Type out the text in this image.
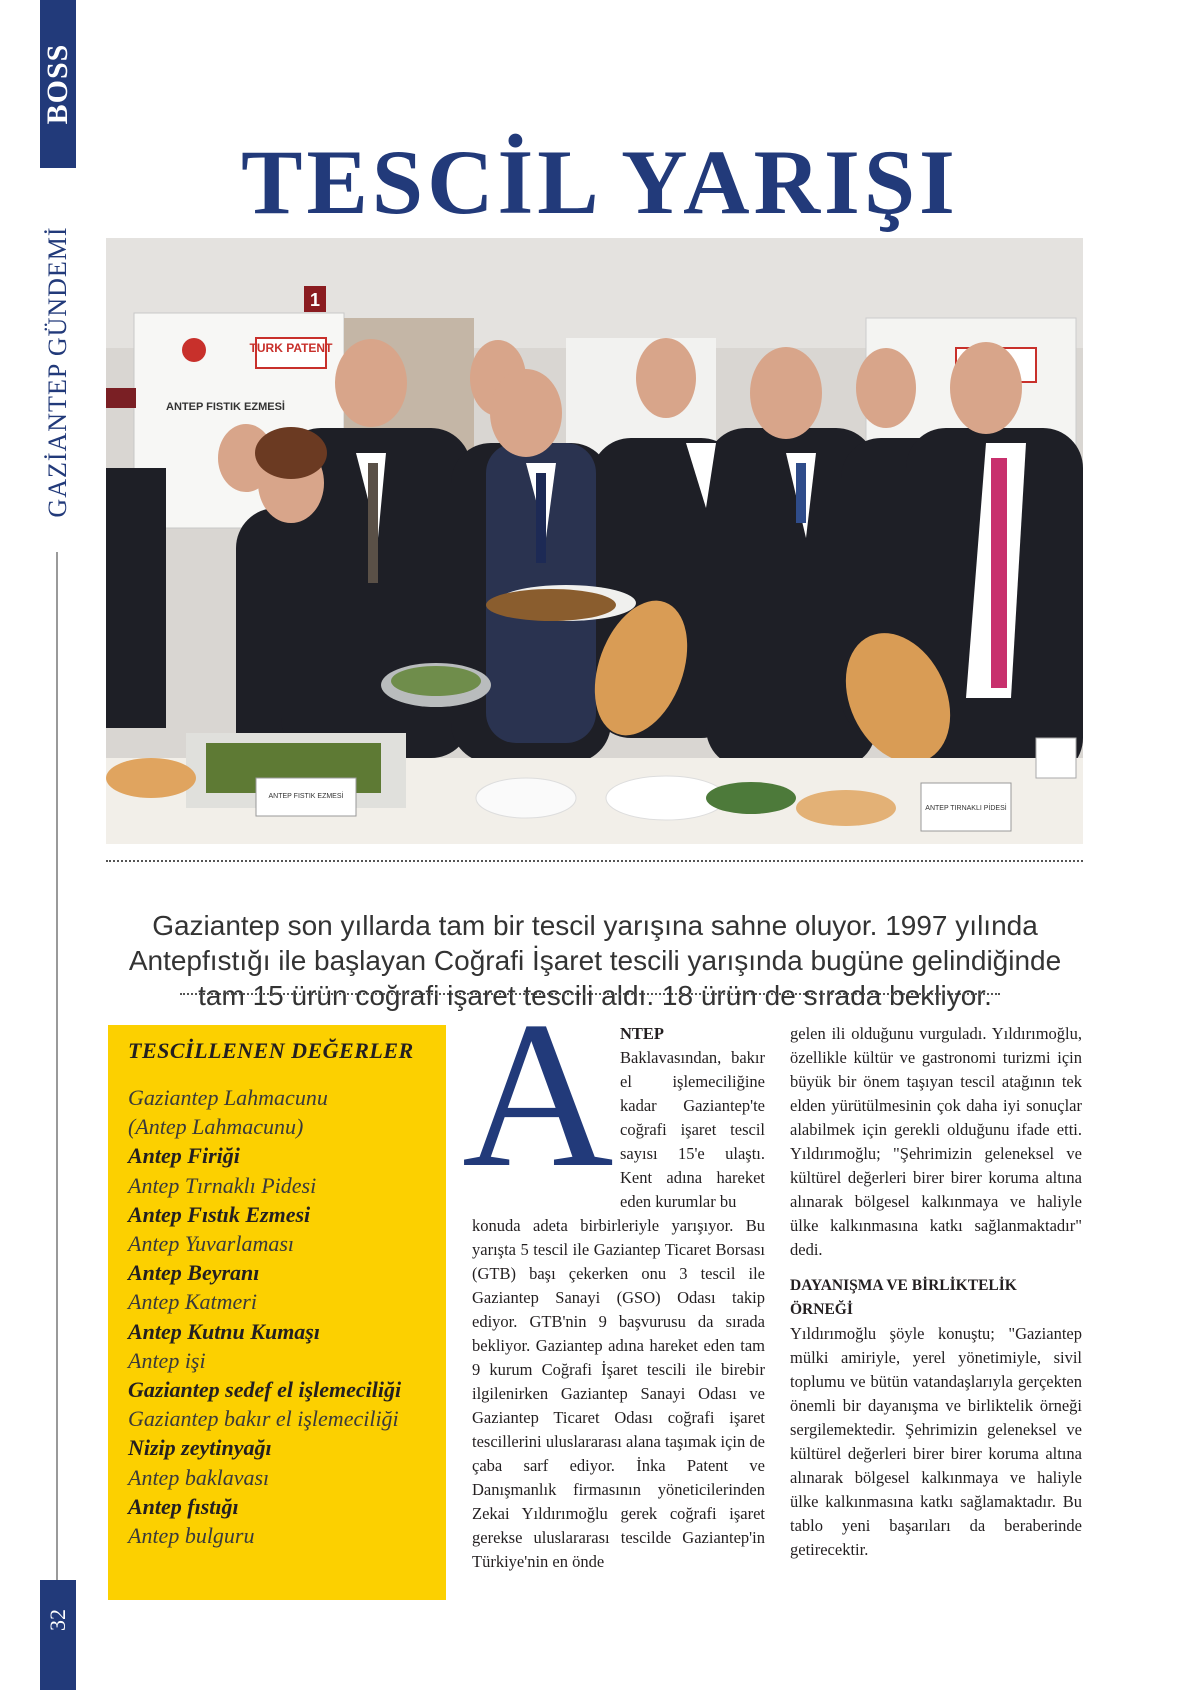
BOSS
GAZİANTEP GÜNDEMİ
32
TESCİL YARIŞI
TURK PATENT
ANTEP FISTIK EZMESİ
1
ANTEP FISTIK EZMESİ
ANTEP TIRNAKLI PİDESİ

Gaziantep son yıllarda tam bir tescil yarışına sahne oluyor. 1997 yılında Antepfıstığı ile başlayan Coğrafi İşaret tescili yarışında bugüne gelindiğinde tam 15 ürün coğrafi işaret tescili aldı. 18 ürün de sırada bekliyor.

TESCİLLENEN DEĞERLER
Gaziantep Lahmacunu
(Antep Lahmacunu)
Antep Firiği
Antep Tırnaklı Pidesi
Antep Fıstık Ezmesi
Antep Yuvarlaması
Antep Beyranı
Antep Katmeri
Antep Kutnu Kumaşı
Antep işi
Gaziantep sedef el işlemeciliği
Gaziantep bakır el işlemeciliği
Nizip zeytinyağı
Antep baklavası
Antep fıstığı
Antep bulguru
A NTEP Baklavasından, bakır el işlemeciliğine kadar Gaziantep'te coğrafi işaret tescil sayısı 15'e ulaştı. Kent adına hareket eden kurumlar bu

konuda adeta birbirleriyle yarışıyor. Bu yarışta 5 tescil ile Gaziantep Ticaret Borsası (GTB) başı çekerken onu 3 tescil ile Gaziantep Sanayi (GSO) Odası takip ediyor. GTB'nin 9 başvurusu da sırada bekliyor. Gaziantep adına hareket eden tam 9 kurum Coğrafi İşaret tescili ile birebir ilgilenirken Gaziantep Sanayi Odası ve Gaziantep Ticaret Odası coğrafi işaret tescillerini uluslararası alana taşımak için de çaba sarf ediyor. İnka Patent ve Danışmanlık firmasının yöneticilerinden Zekai Yıldırımoğlu gerek coğrafi işaret gerekse uluslararası tescilde Gaziantep'in Türkiye'nin en önde

gelen ili olduğunu vurguladı. Yıldırımoğlu, özellikle kültür ve gastronomi turizmi için büyük bir önem taşıyan tescil atağının tek elden yürütülmesinin çok daha iyi sonuçlar alabilmek için gerekli olduğunu ifade etti. Yıldırımoğlu; "Şehrimizin geleneksel ve kültürel değerleri birer birer koruma altına alınarak bölgesel kalkınmaya ve haliyle ülke kalkınmasına katkı sağlanmaktadır" dedi.

DAYANIŞMA VE BİRLİKTELİK ÖRNEĞİ

Yıldırımoğlu şöyle konuştu; "Gaziantep mülki amiriyle, yerel yönetimiyle, sivil toplumu ve bütün vatandaşlarıyla gerçekten önemli bir dayanışma ve birliktelik örneği sergilemektedir. Şehrimizin geleneksel ve kültürel değerleri birer birer koruma altına alınarak bölgesel kalkınmaya ve haliyle ülke kalkınmasına katkı sağlamaktadır. Bu tablo yeni başarıları da beraberinde getirecektir.
